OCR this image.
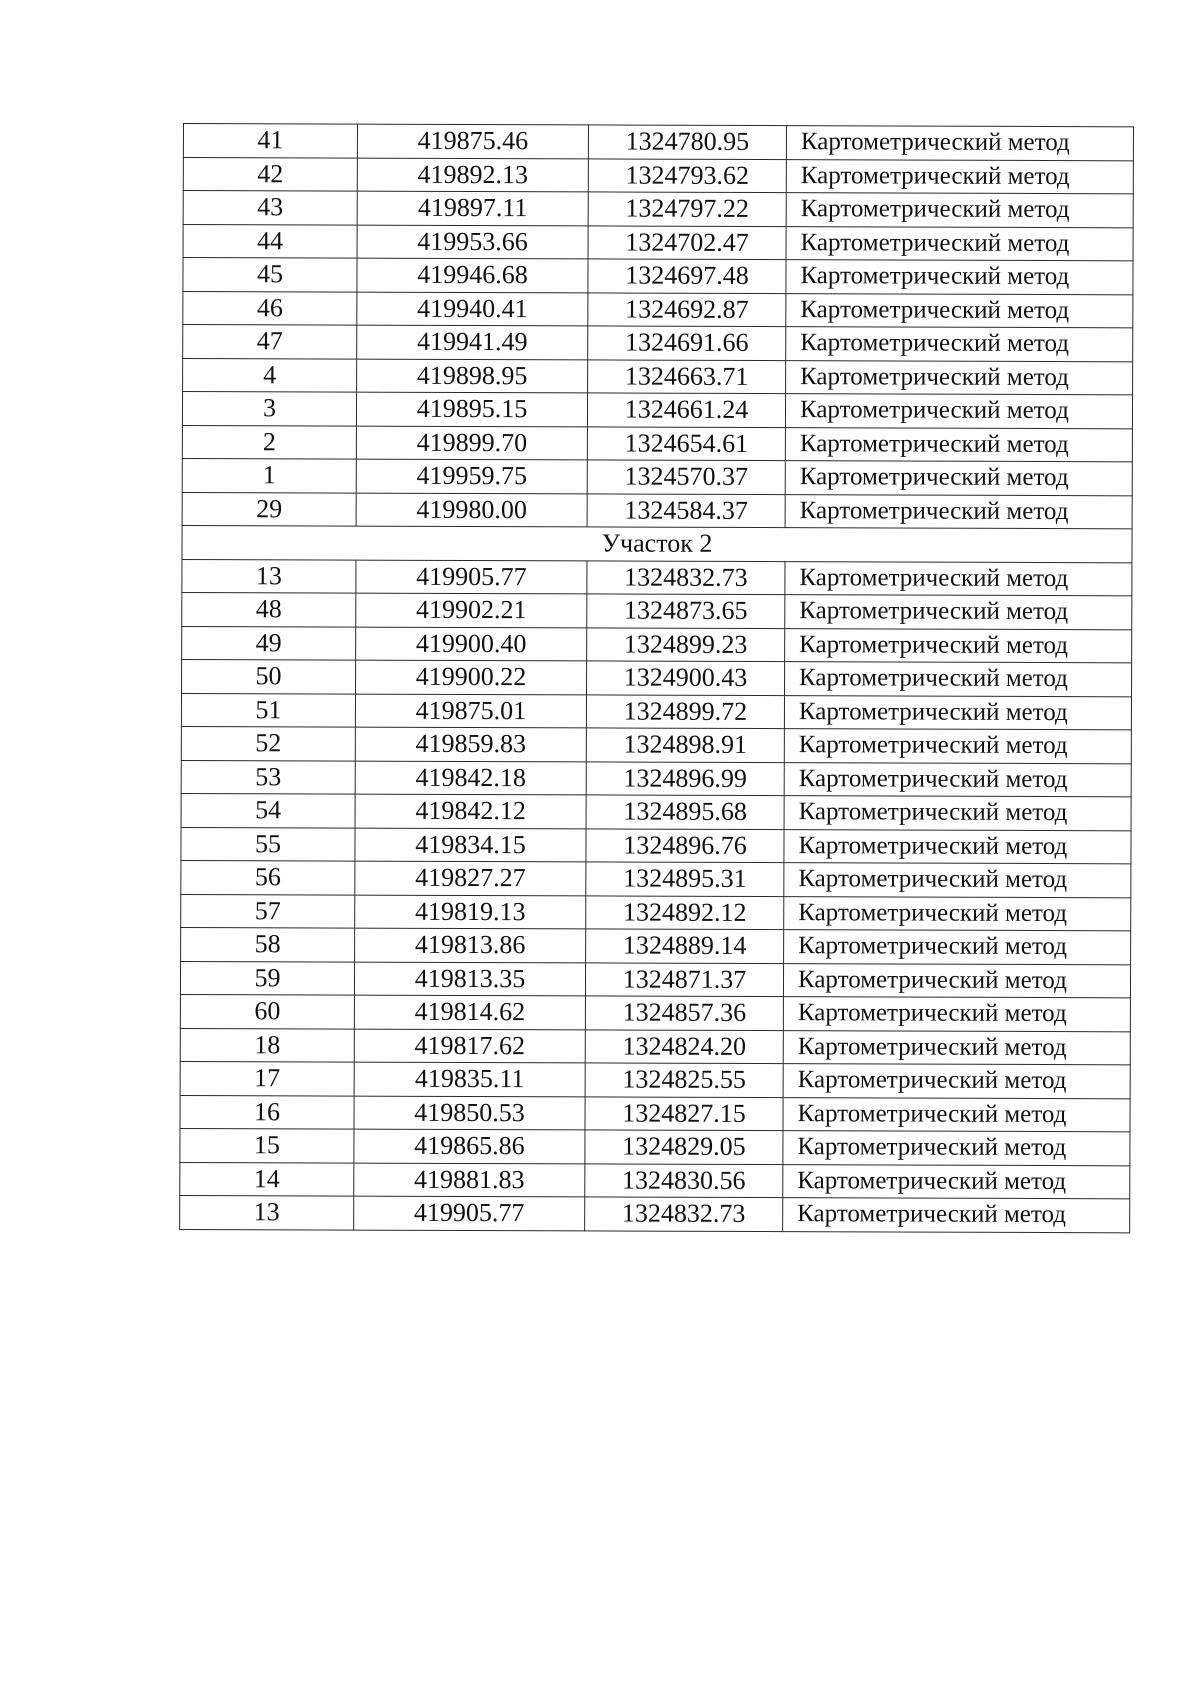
41	419875.46	1324780.95	Картометрический метод
42	419892.13	1324793.62	Картометрический метод
43	419897.11	1324797.22	Картометрический метод
44	419953.66	1324702.47	Картометрический метод
45	419946.68	1324697.48	Картометрический метод
46	419940.41	1324692.87	Картометрический метод
47	419941.49	1324691.66	Картометрический метод
4	419898.95	1324663.71	Картометрический метод
3	419895.15	1324661.24	Картометрический метод
2	419899.70	1324654.61	Картометрический метод
1	419959.75	1324570.37	Картометрический метод
29	419980.00	1324584.37	Картометрический метод
Участок 2			
13	419905.77	1324832.73	Картометрический метод
48	419902.21	1324873.65	Картометрический метод
49	419900.40	1324899.23	Картометрический метод
50	419900.22	1324900.43	Картометрический метод
51	419875.01	1324899.72	Картометрический метод
52	419859.83	1324898.91	Картометрический метод
53	419842.18	1324896.99	Картометрический метод
54	419842.12	1324895.68	Картометрический метод
55	419834.15	1324896.76	Картометрический метод
56	419827.27	1324895.31	Картометрический метод
57	419819.13	1324892.12	Картометрический метод
58	419813.86	1324889.14	Картометрический метод
59	419813.35	1324871.37	Картометрический метод
60	419814.62	1324857.36	Картометрический метод
18	419817.62	1324824.20	Картометрический метод
17	419835.11	1324825.55	Картометрический метод
16	419850.53	1324827.15	Картометрический метод
15	419865.86	1324829.05	Картометрический метод
14	419881.83	1324830.56	Картометрический метод
13	419905.77	1324832.73	Картометрический метод
